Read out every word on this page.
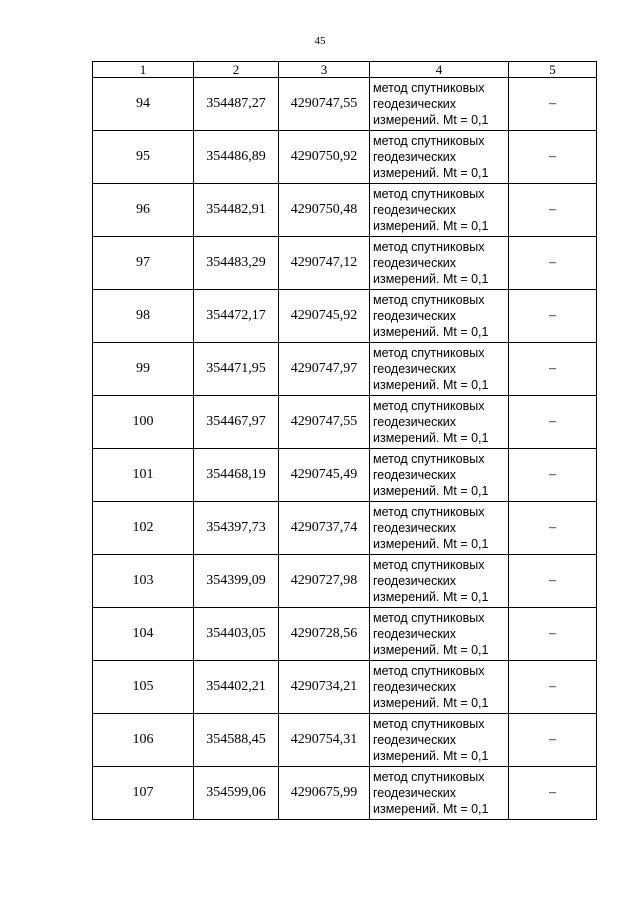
45
1	2	3	4	5
94	354487,27	4290747,55	метод спутниковых
геодезических
измерений. Mt = 0,1	–
95	354486,89	4290750,92	метод спутниковых
геодезических
измерений. Mt = 0,1	–
96	354482,91	4290750,48	метод спутниковых
геодезических
измерений. Mt = 0,1	–
97	354483,29	4290747,12	метод спутниковых
геодезических
измерений. Mt = 0,1	–
98	354472,17	4290745,92	метод спутниковых
геодезических
измерений. Mt = 0,1	–
99	354471,95	4290747,97	метод спутниковых
геодезических
измерений. Mt = 0,1	–
100	354467,97	4290747,55	метод спутниковых
геодезических
измерений. Mt = 0,1	–
101	354468,19	4290745,49	метод спутниковых
геодезических
измерений. Mt = 0,1	–
102	354397,73	4290737,74	метод спутниковых
геодезических
измерений. Mt = 0,1	–
103	354399,09	4290727,98	метод спутниковых
геодезических
измерений. Mt = 0,1	–
104	354403,05	4290728,56	метод спутниковых
геодезических
измерений. Mt = 0,1	–
105	354402,21	4290734,21	метод спутниковых
геодезических
измерений. Mt = 0,1	–
106	354588,45	4290754,31	метод спутниковых
геодезических
измерений. Mt = 0,1	–
107	354599,06	4290675,99	метод спутниковых
геодезических
измерений. Mt = 0,1	–
